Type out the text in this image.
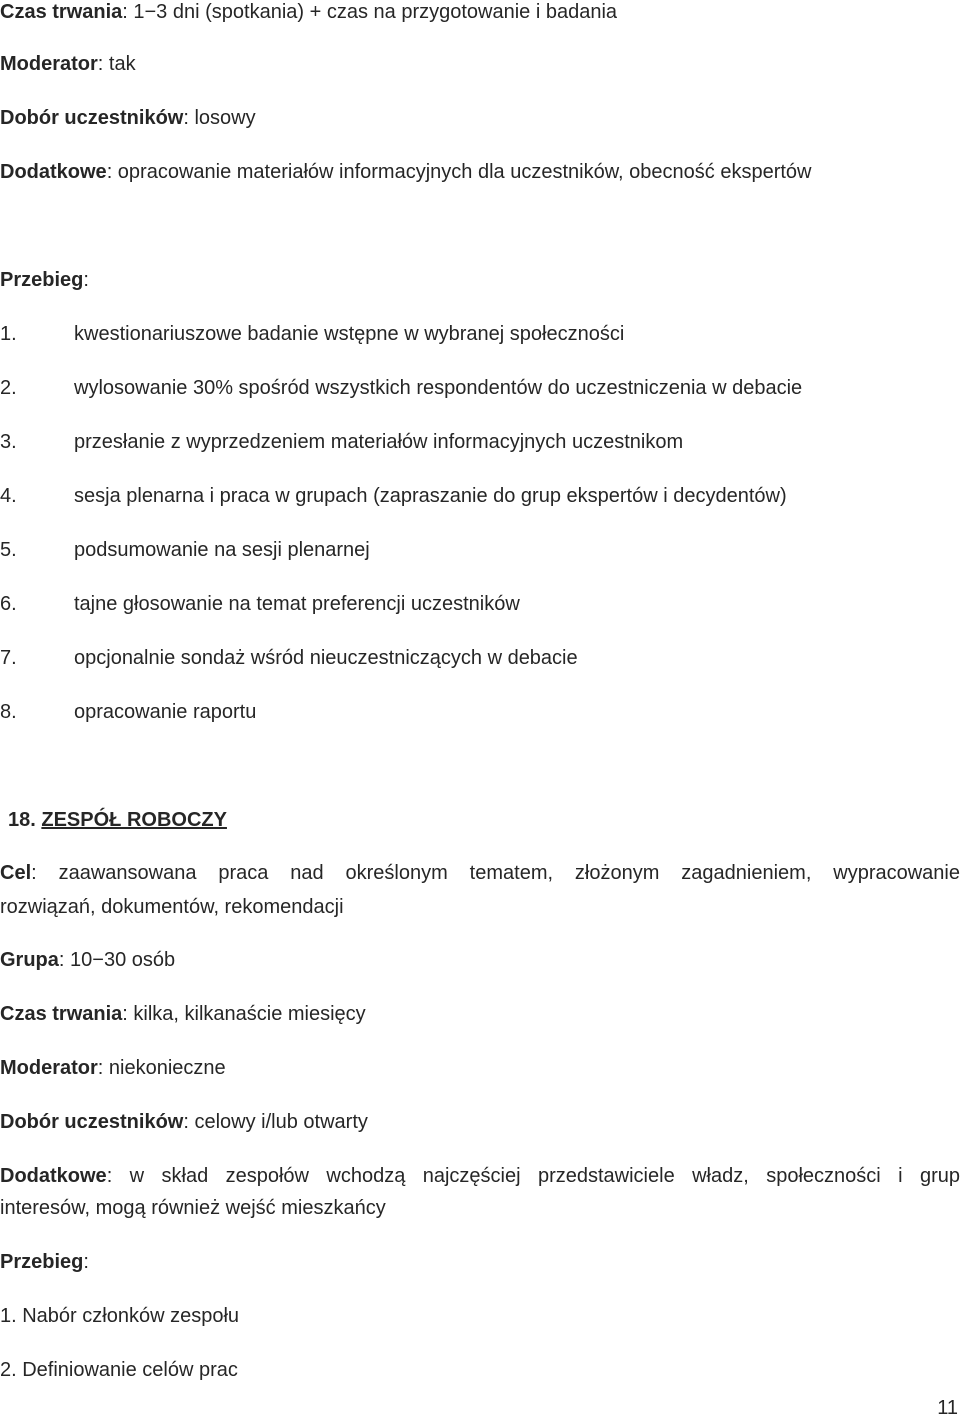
Czas trwania: 1−3 dni (spotkania) + czas na przygotowanie i badania
Moderator: tak
Dobór uczestników: losowy
Dodatkowe: opracowanie materiałów informacyjnych dla uczestników, obecność ekspertów
Przebieg:
1.	kwestionariuszowe badanie wstępne w wybranej społeczności
2.	wylosowanie 30% spośród wszystkich respondentów do uczestniczenia w debacie
3.	przesłanie z wyprzedzeniem materiałów informacyjnych uczestnikom
4.	sesja plenarna i praca w grupach (zapraszanie do grup ekspertów i decydentów)
5.	podsumowanie na sesji plenarnej
6.	tajne głosowanie na temat preferencji uczestników
7.	opcjonalnie sondaż wśród nieuczestniczących w debacie
8.	opracowanie raportu
18. ZESPÓŁ ROBOCZY
Cel: zaawansowana praca nad określonym tematem, złożonym zagadnieniem, wypracowanie
rozwiązań, dokumentów, rekomendacji
Grupa: 10−30 osób
Czas trwania: kilka, kilkanaście miesięcy
Moderator: niekonieczne
Dobór uczestników: celowy i/lub otwarty
Dodatkowe: w skład zespołów wchodzą najczęściej przedstawiciele władz, społeczności i grup
interesów, mogą również wejść mieszkańcy
Przebieg:
1. Nabór członków zespołu
2. Definiowanie celów prac
11
